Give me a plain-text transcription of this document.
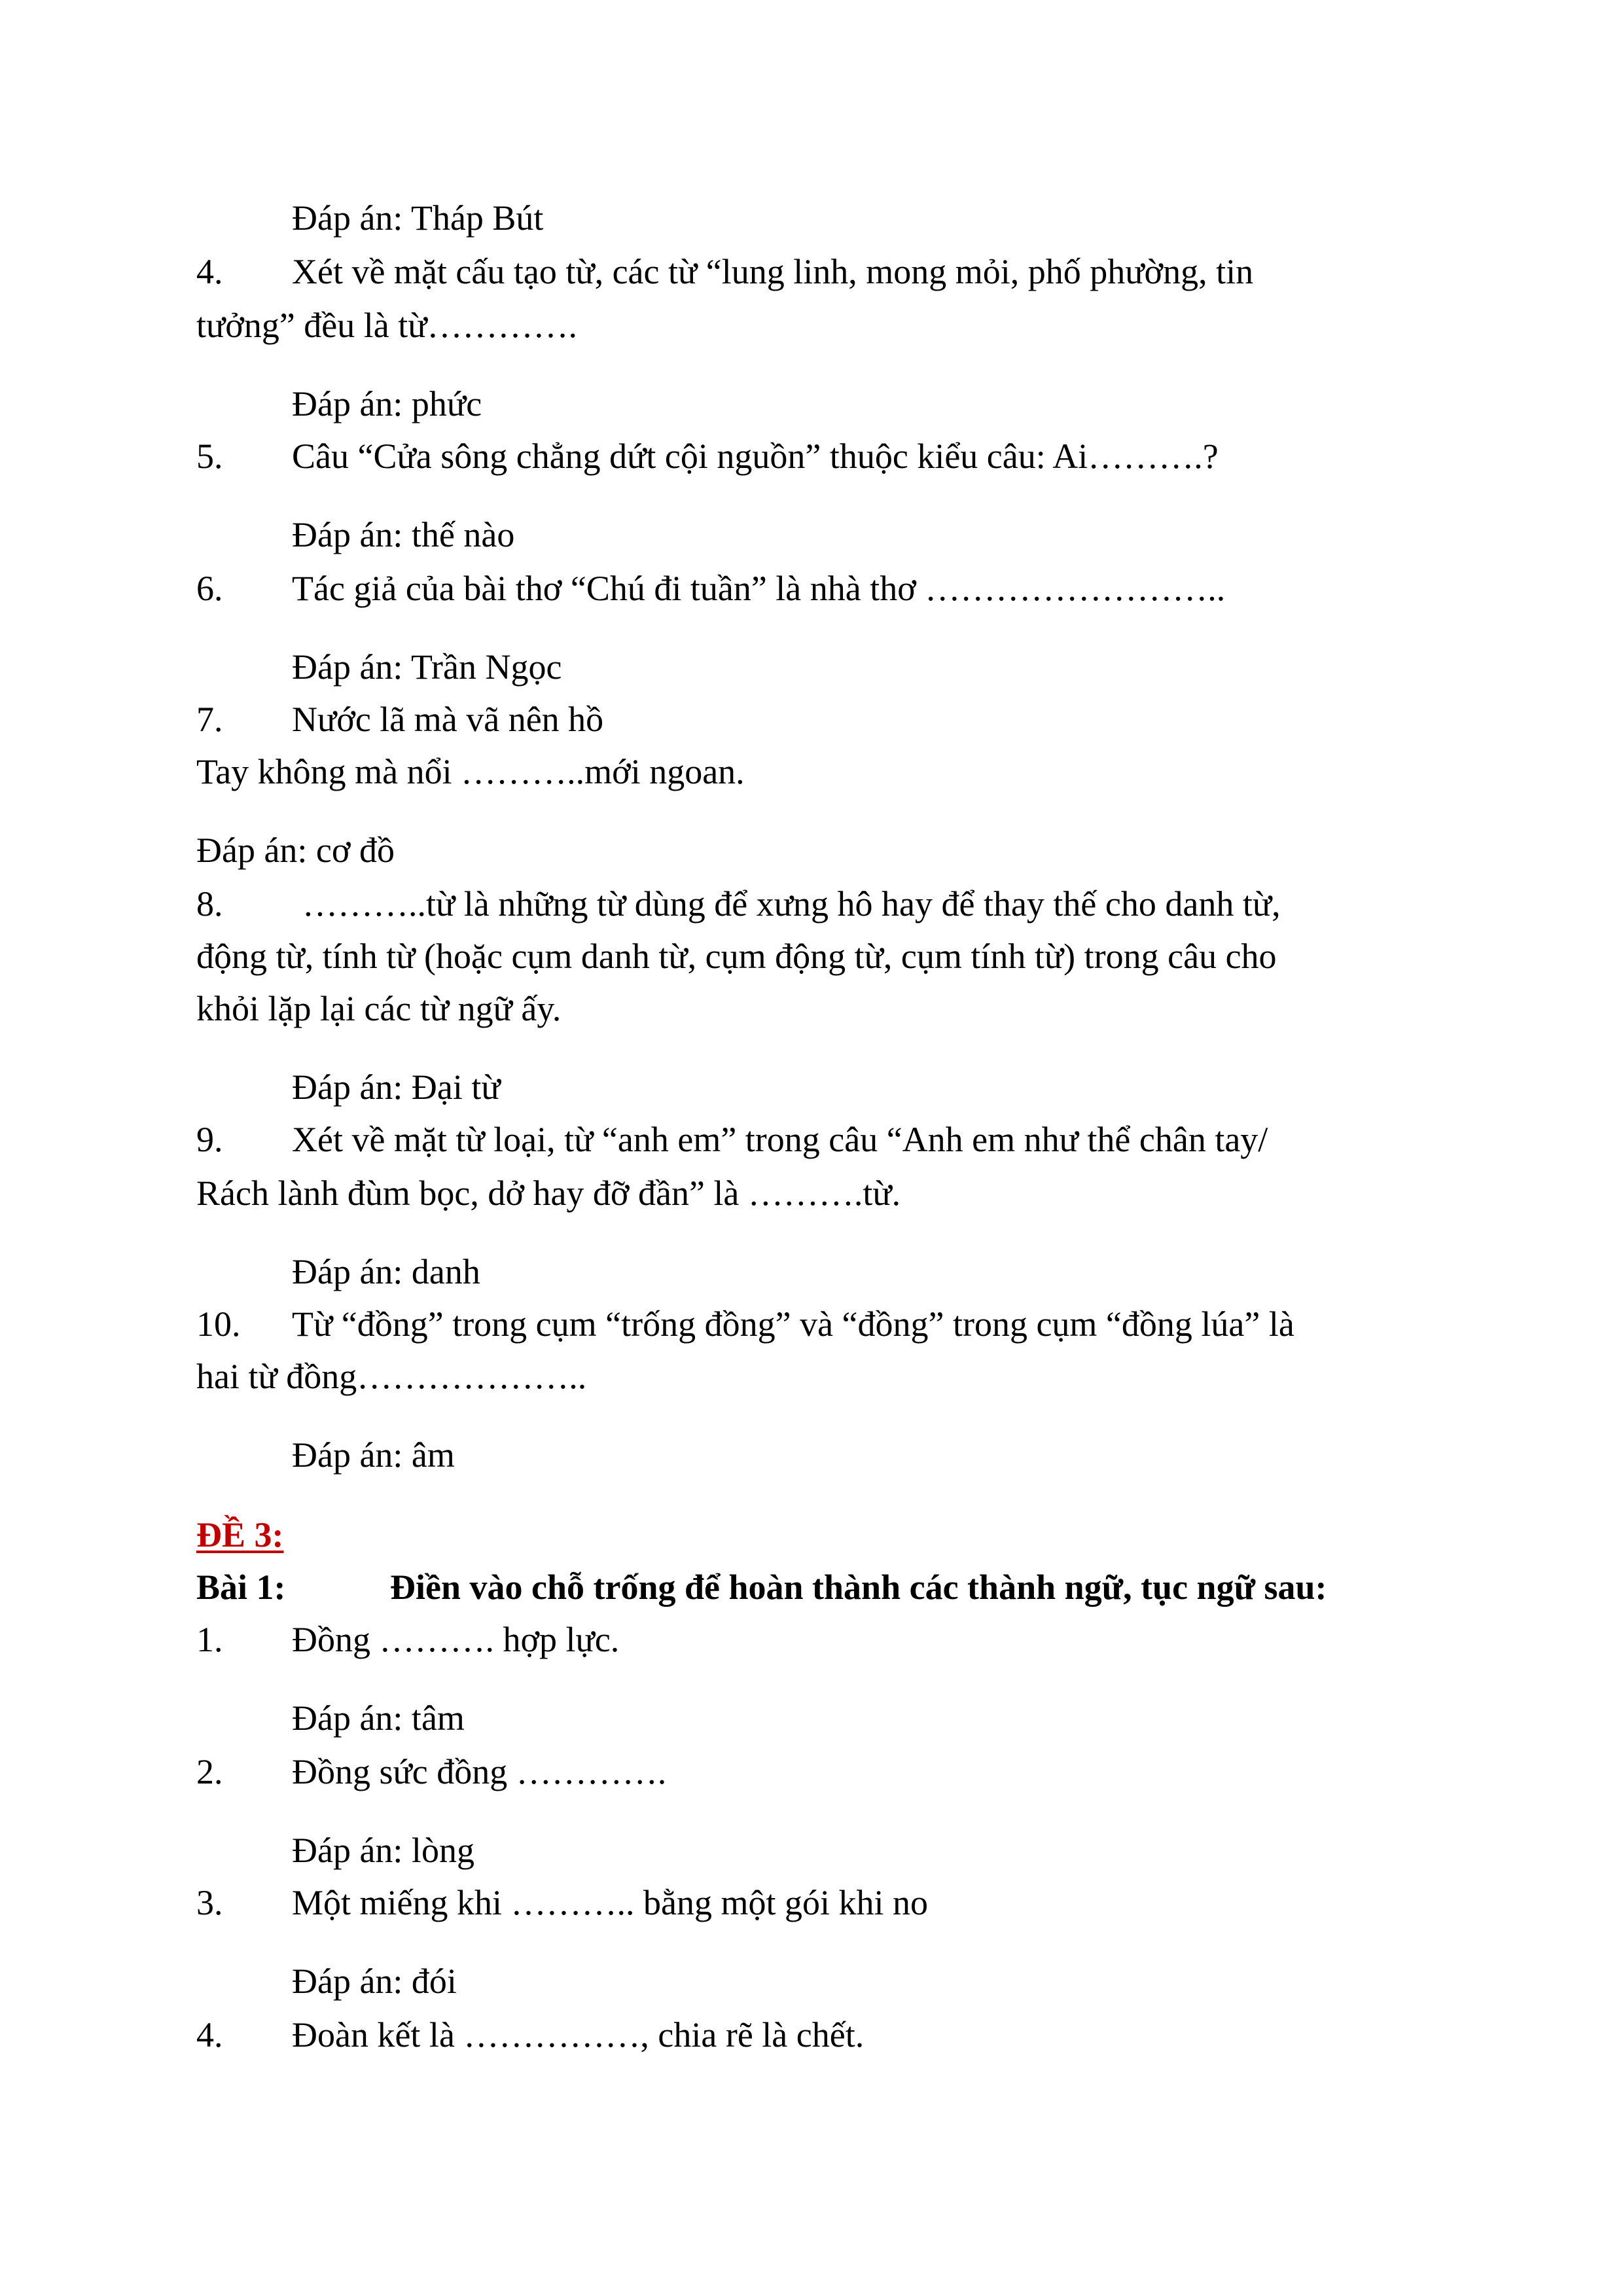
Đáp án: Tháp Bút
4. Xét về mặt cấu tạo từ, các từ “lung linh, mong mỏi, phố phường, tin
tưởng” đều là từ………….
Đáp án: phức
5. Câu “Cửa sông chẳng dứt cội nguồn” thuộc kiểu câu: Ai……….?
Đáp án: thế nào
6. Tác giả của bài thơ “Chú đi tuần” là nhà thơ ……………………..
Đáp án: Trần Ngọc
7. Nước lã mà vã nên hồ
Tay không mà nổi ………..mới ngoan.
Đáp án: cơ đồ
8. ………..từ là những từ dùng để xưng hô hay để thay thế cho danh từ,
động từ, tính từ (hoặc cụm danh từ, cụm động từ, cụm tính từ) trong câu cho
khỏi lặp lại các từ ngữ ấy.
Đáp án: Đại từ
9. Xét về mặt từ loại, từ “anh em” trong câu “Anh em như thể chân tay/
Rách lành đùm bọc, dở hay đỡ đần” là ……….từ.
Đáp án: danh
10. Từ “đồng” trong cụm “trống đồng” và “đồng” trong cụm “đồng lúa” là
hai từ đồng………………..
Đáp án: âm
ĐỀ 3:
Bài 1:	Điền vào chỗ trống để hoàn thành các thành ngữ, tục ngữ sau:
1. Đồng ………. hợp lực.
Đáp án: tâm
2. Đồng sức đồng ………….
Đáp án: lòng
3. Một miếng khi ……….. bằng một gói khi no
Đáp án: đói
4. Đoàn kết là ……………, chia rẽ là chết.
